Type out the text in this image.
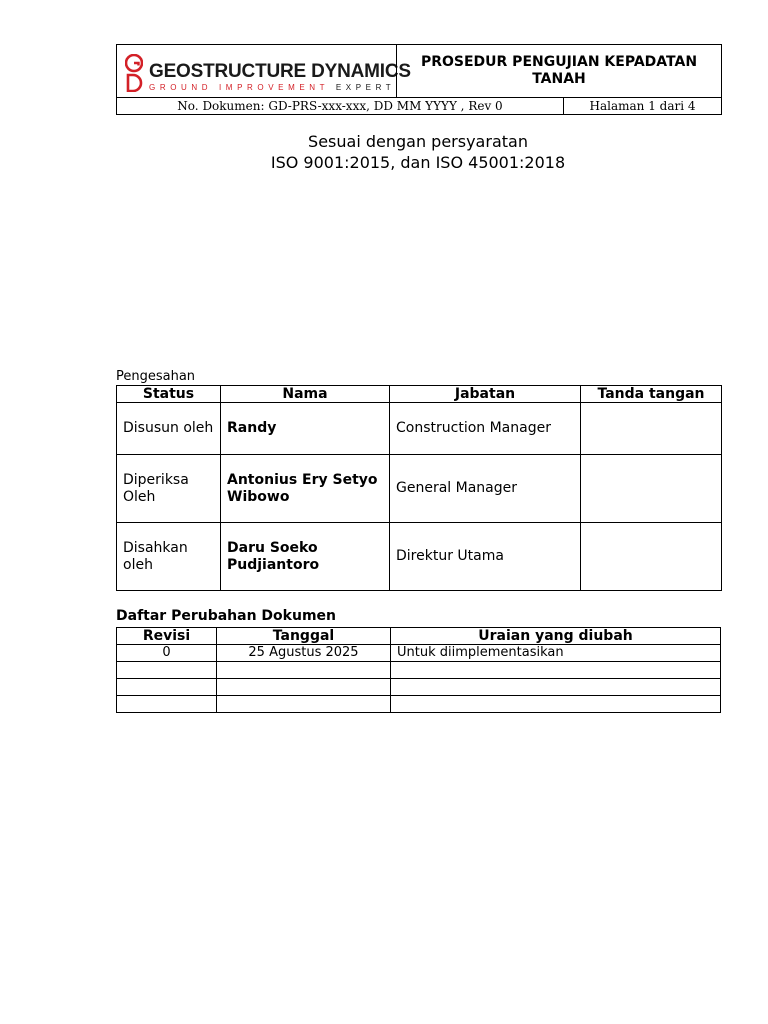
GEOSTRUCTURE DYNAMICS
GROUND IMPROVEMENT EXPERT
PROSEDUR PENGUJIAN KEPADATAN TANAH
No. Dokumen: GD-PRS-xxx-xxx, DD MM YYYY , Rev 0	Halaman 1 dari 4
Sesuai dengan persyaratan
ISO 9001:2015, dan ISO 45001:2018
Pengesahan
Status	Nama	Jabatan	Tanda tangan
Disusun oleh	Randy	Construction Manager	
Diperiksa Oleh	Antonius Ery Setyo Wibowo	General Manager	
Disahkan oleh	Daru Soeko Pudjiantoro	Direktur Utama	
Daftar Perubahan Dokumen
Revisi	Tanggal	Uraian yang diubah
0	25 Agustus 2025	Untuk diimplementasikan
